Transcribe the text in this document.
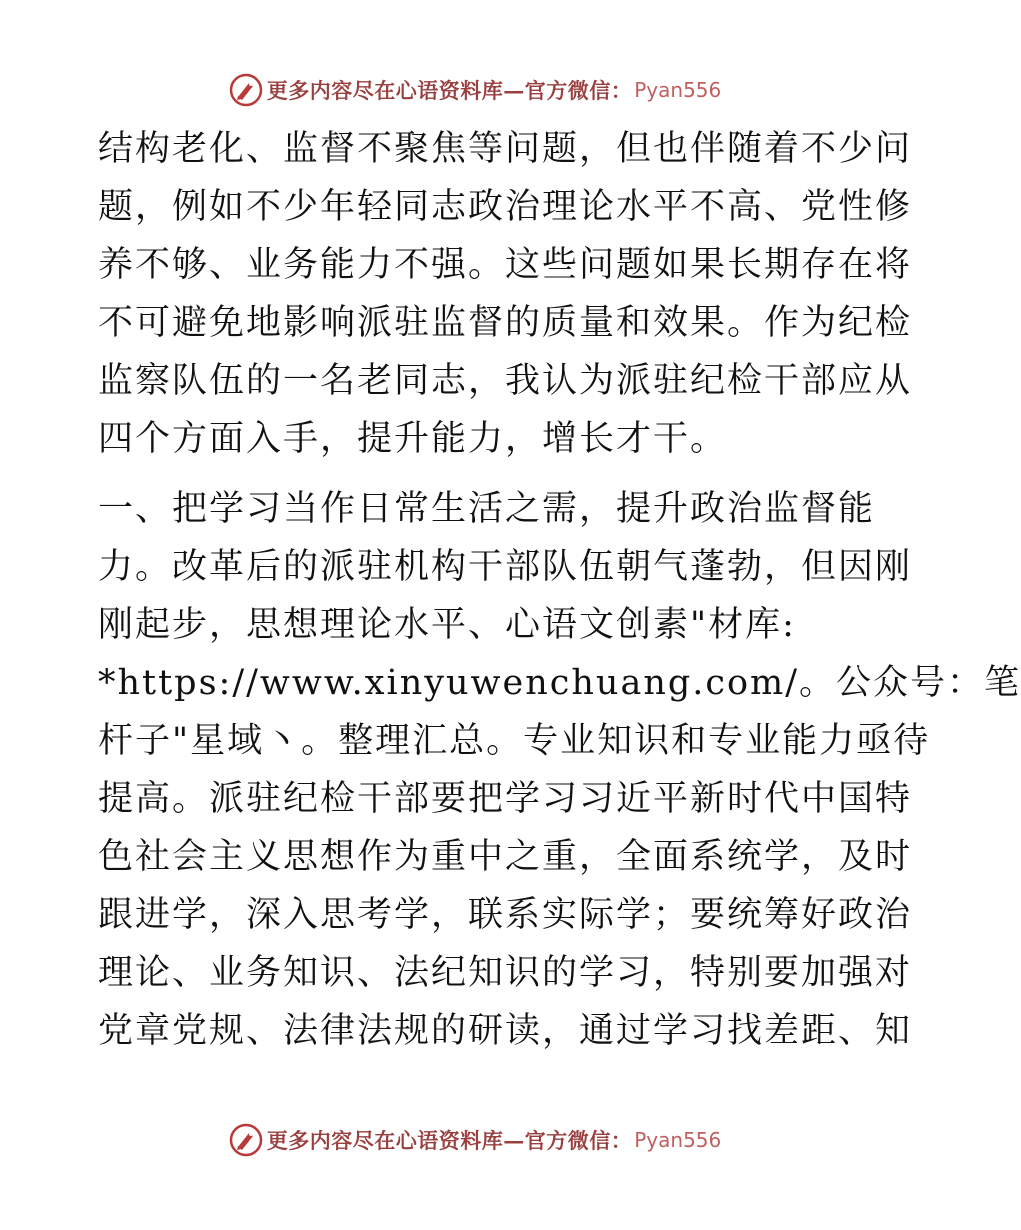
更多内容尽在心语资料库—官方微信： Pyan556
结构老化、监督不聚焦等问题，但也伴随着不少问
题，例如不少年轻同志政治理论水平不高、党性修
养不够、业务能力不强。这些问题如果长期存在将
不可避免地影响派驻监督的质量和效果。作为纪检
监察队伍的一名老同志，我认为派驻纪检干部应从
四个方面入手，提升能力，增长才干。
一、把学习当作日常生活之需，提升政治监督能
力。改革后的派驻机构干部队伍朝气蓬勃，但因刚
刚起步，思想理论水平、心语文创素"材库:
*https://www.xinyuwenchuang.com/。公众号：笔
杆子"星域丶。整理汇总。专业知识和专业能力亟待
提高。派驻纪检干部要把学习习近平新时代中国特
色社会主义思想作为重中之重，全面系统学，及时
跟进学，深入思考学，联系实际学；要统筹好政治
理论、业务知识、法纪知识的学习，特别要加强对
党章党规、法律法规的研读，通过学习找差距、知
更多内容尽在心语资料库—官方微信： Pyan556
